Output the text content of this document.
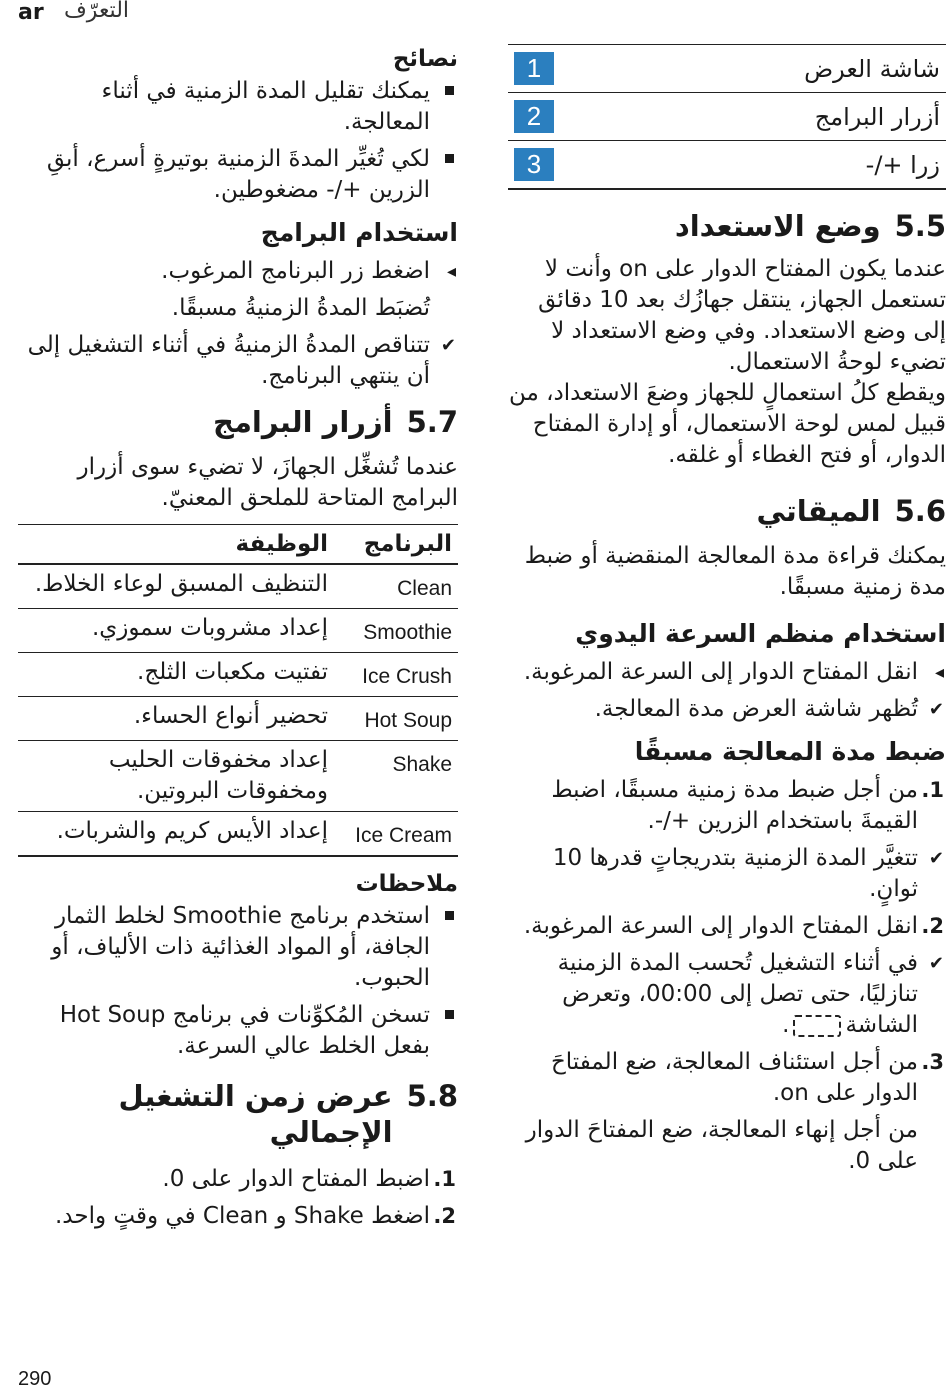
ar التعرّف
شاشة العرض	1
أزرار البرامج	2
زرا +/-	3
5.5
وضع الاستعداد

عندما يكون المفتاح الدوار على on وأنت لا تستعمل الجهاز، ينتقل جهازُك بعد 10 دقائق إلى وضع الاستعداد. وفي وضع الاستعداد لا تضيء لوحةُ الاستعمال.

ويقطع كلُ استعمالٍ للجهاز وضعَ الاستعداد، من قبيل لمس لوحة الاستعمال، أو إدارة المفتاح الدوار، أو فتح الغطاء أو غلقه.

5.6
الميقاتي

يمكنك قراءة مدة المعالجة المنقضية أو ضبط مدة زمنية مسبقًا.

استخدام منظم السرعة اليدوي
◂
انقل المفتاح الدوار إلى السرعة المرغوبة.
✔
تُظهر شاشة العرض مدة المعالجة.
ضبط مدة المعالجة مسبقًا
1.
من أجل ضبط مدة زمنية مسبقًا، اضبط القيمةَ باستخدام الزرين +/-.
✔
تتغيَّر المدة الزمنية بتدريجاتٍ قدرها 10 ثوانٍ.
2.
انقل المفتاح الدوار إلى السرعة المرغوبة.
✔
في أثناء التشغيل تُحسب المدة الزمنية تنازليًا، حتى تصل إلى 00:00، وتعرض الشاشة.
3.
من أجل استئناف المعالجة، ضع المفتاحَ الدوار على on.

من أجل إنهاء المعالجة، ضع المفتاحَ الدوار على 0.

نصائح
يمكنك تقليل المدة الزمنية في أثناء المعالجة.
لكي تُغيِّر المدةَ الزمنية بوتيرةٍ أسرع، أبقِ الزرين +/- مضغوطين.
استخدام البرامج
◂
اضغط زر البرنامج المرغوب.
تُضبَط المدةُ الزمنيةُ مسبقًا.
✔
تتناقص المدةُ الزمنيةُ في أثناء التشغيل إلى أن ينتهي البرنامج.
5.7
أزرار البرامج

عندما تُشغِّل الجهازَ، لا تضيء سوى أزرار البرامج المتاحة للملحق المعنيّ.

البرنامج	الوظيفة
Clean	التنظيف المسبق لوعاء الخلاط.
Smoothie	إعداد مشروبات سموزي.
Ice Crush	تفتيت مكعبات الثلج.
Hot Soup	تحضير أنواع الحساء.
Shake	إعداد مخفوقات الحليب ومخفوقات البروتين.
Ice Cream	إعداد الأيس كريم والشربات.
ملاحظات
استخدم برنامج Smoothie لخلط الثمار الجافة، أو المواد الغذائية ذات الألياف، أو الحبوب.
تسخن المُكوِّنات في برنامج Hot Soup بفعل الخلط عالي السرعة.
5.8
عرض زمن التشغيل الإجمالي
1.
اضبط المفتاح الدوار على 0.
2.
اضغط Shake و Clean في وقتٍ واحد.
290
